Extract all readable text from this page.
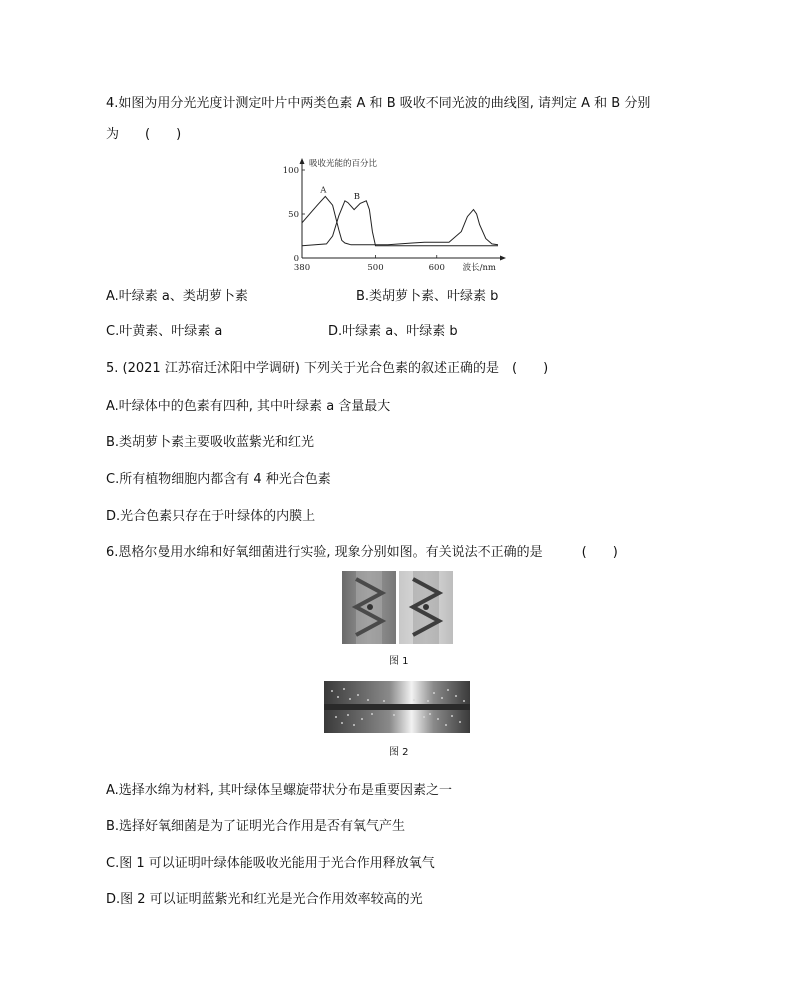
4.如图为用分光光度计测定叶片中两类色素 A 和 B 吸收不同光波的曲线图, 请判定 A 和 B 分别
为　　(　　)
吸收光能的百分比
0
50
100
380	500	600 波长/nm
A
B
A.叶绿素 a、类胡萝卜素	B.类胡萝卜素、叶绿素 b
C.叶黄素、叶绿素 a	D.叶绿素 a、叶绿素 b
5. (2021 江苏宿迁沭阳中学调研) 下列关于光合色素的叙述正确的是　(　　)
A.叶绿体中的色素有四种, 其中叶绿素 a 含量最大
B.类胡萝卜素主要吸收蓝紫光和红光
C.所有植物细胞内都含有 4 种光合色素
D.光合色素只存在于叶绿体的内膜上
6.恩格尔曼用水绵和好氧细菌进行实验, 现象分别如图。有关说法不正确的是　　　(　　)
图 1
图 2
A.选择水绵为材料, 其叶绿体呈螺旋带状分布是重要因素之一
B.选择好氧细菌是为了证明光合作用是否有氧气产生
C.图 1 可以证明叶绿体能吸收光能用于光合作用释放氧气
D.图 2 可以证明蓝紫光和红光是光合作用效率较高的光
